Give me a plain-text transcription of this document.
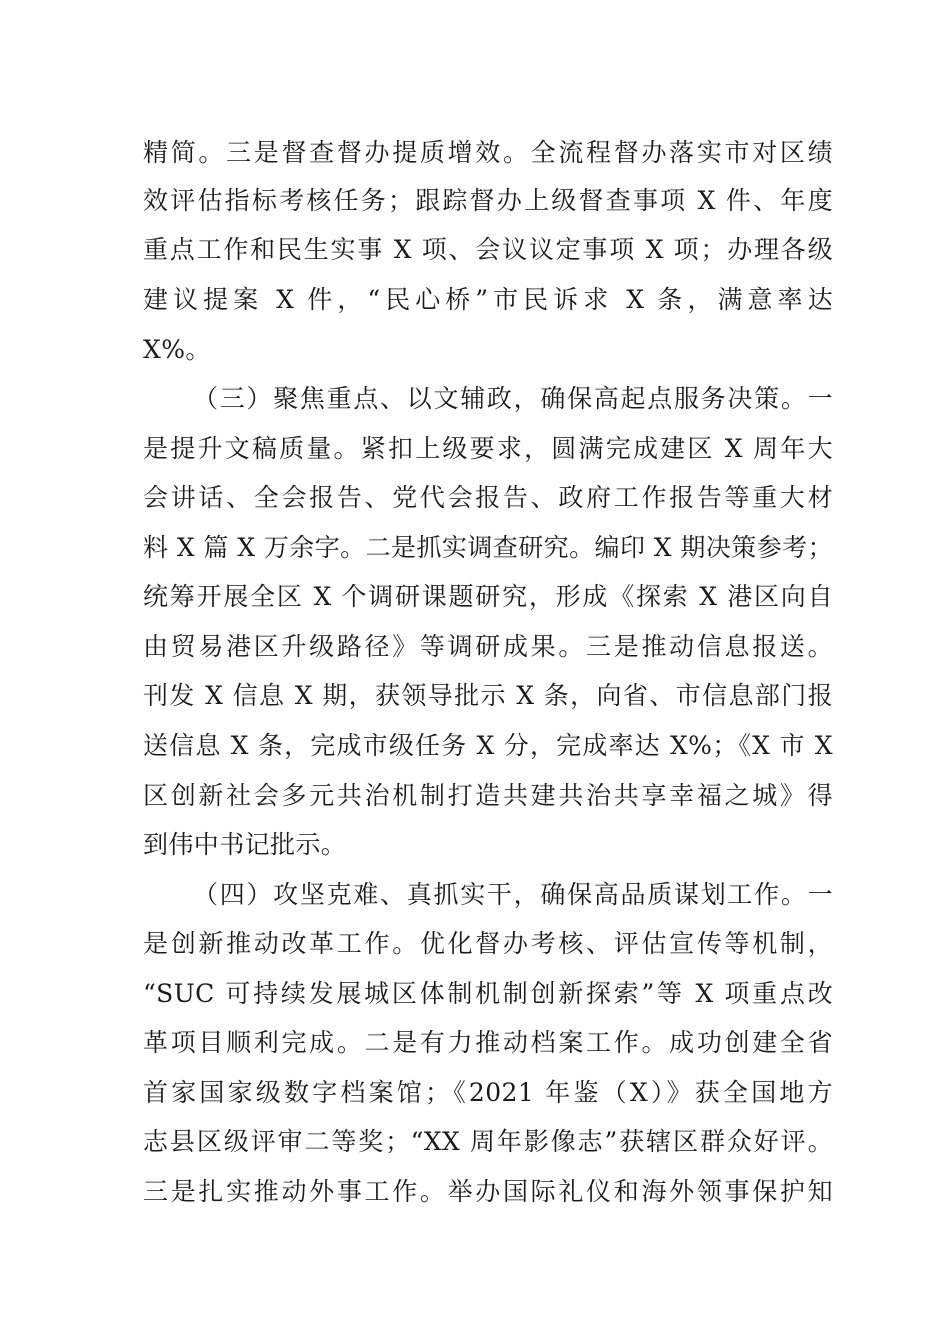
精简。三是督查督办提质增效。全流程督办落实市对区绩
效评估指标考核任务；跟踪督办上级督查事项 X 件、年度
重点工作和民生实事 X 项、会议议定事项 X 项；办理各级
建议提案 X 件，“民心桥”市民诉求 X 条，满意率达
X%。
（三）聚焦重点、以文辅政，确保高起点服务决策。一
是提升文稿质量。紧扣上级要求，圆满完成建区 X 周年大
会讲话、全会报告、党代会报告、政府工作报告等重大材
料 X 篇 X 万余字。二是抓实调查研究。编印 X 期决策参考；
统筹开展全区 X 个调研课题研究，形成《探索 X 港区向自
由贸易港区升级路径》等调研成果。三是推动信息报送。
刊发 X 信息 X 期，获领导批示 X 条，向省、市信息部门报
送信息 X 条，完成市级任务 X 分，完成率达 X%；《X 市 X
区创新社会多元共治机制打造共建共治共享幸福之城》得
到伟中书记批示。
（四）攻坚克难、真抓实干，确保高品质谋划工作。一
是创新推动改革工作。优化督办考核、评估宣传等机制，
“SUC 可持续发展城区体制机制创新探索”等 X 项重点改
革项目顺利完成。二是有力推动档案工作。成功创建全省
首家国家级数字档案馆；《2021 年鉴（X）》获全国地方
志县区级评审二等奖；“XX 周年影像志”获辖区群众好评。
三是扎实推动外事工作。举办国际礼仪和海外领事保护知
